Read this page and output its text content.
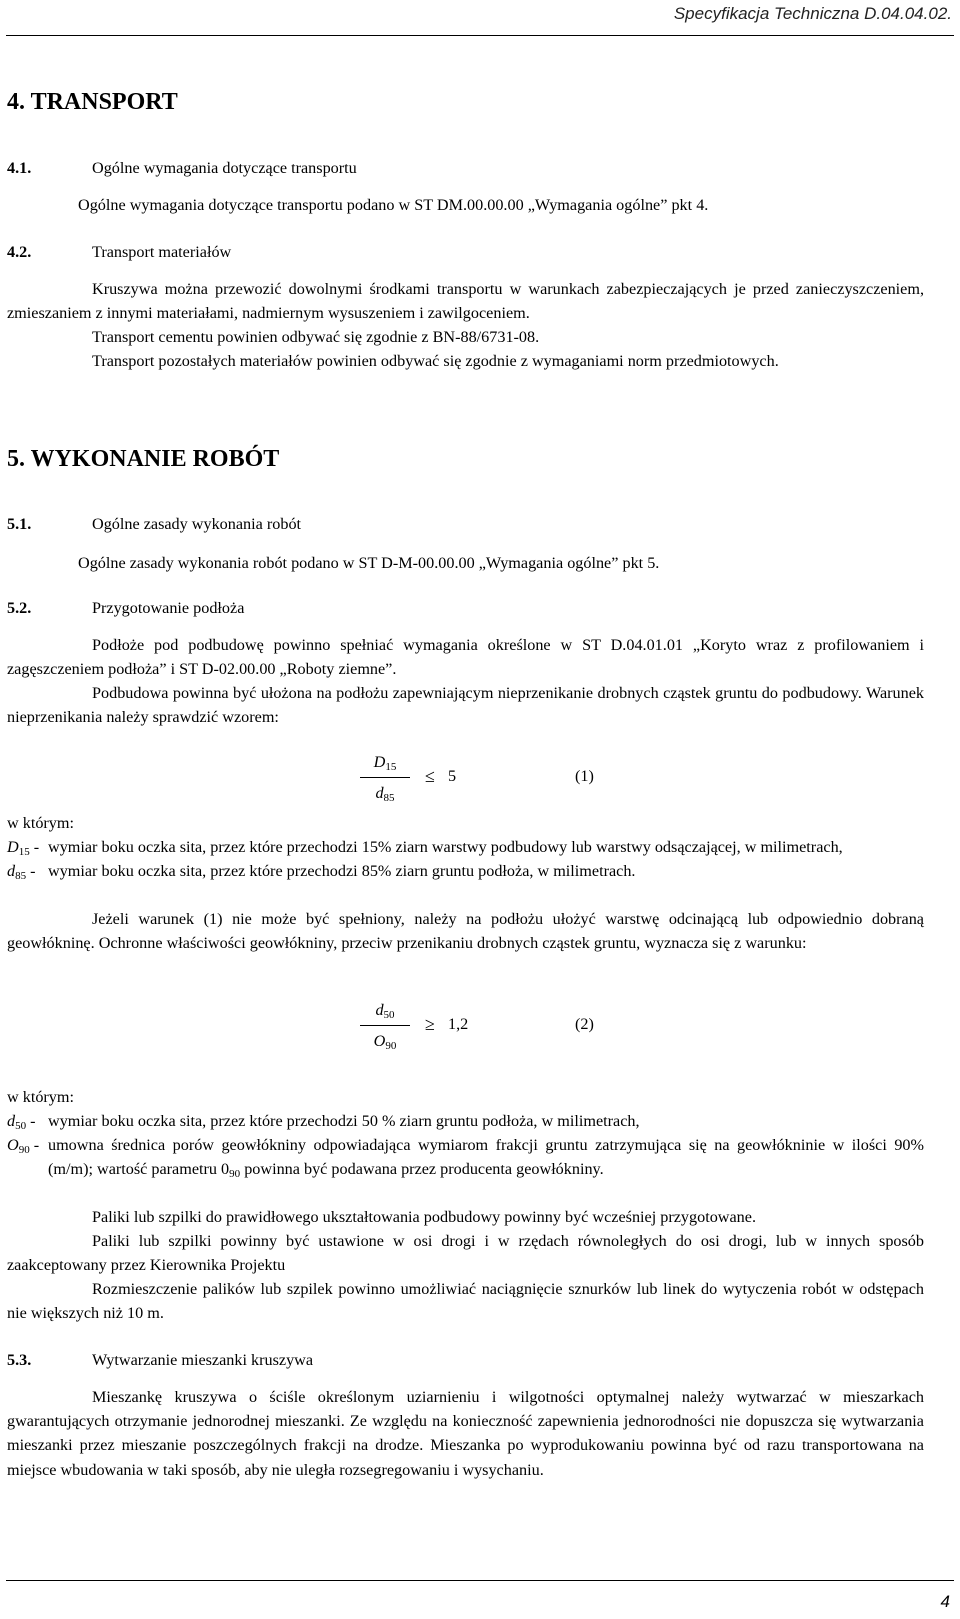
Specyfikacja Techniczna D.04.04.02.
4. TRANSPORT
4.1.	Ogólne wymagania dotyczące transportu
Ogólne wymagania dotyczące transportu podano w ST DM.00.00.00 „Wymagania ogólne” pkt 4.
4.2.	Transport materiałów
Kruszywa można przewozić dowolnymi środkami transportu w warunkach zabezpieczających je przed zanieczyszczeniem, zmieszaniem z innymi materiałami, nadmiernym wysuszeniem i zawilgoceniem.
Transport cementu powinien odbywać się zgodnie z BN-88/6731-08.
Transport pozostałych materiałów powinien odbywać się zgodnie z wymaganiami norm przedmiotowych.
5. WYKONANIE ROBÓT
5.1.	Ogólne zasady wykonania robót
Ogólne zasady wykonania robót podano w ST D-M-00.00.00 „Wymagania ogólne” pkt 5.
5.2.	Przygotowanie podłoża
Podłoże pod podbudowę powinno spełniać wymagania określone w ST D.04.01.01 „Koryto wraz z profilowaniem i zagęszczeniem podłoża” i ST D-02.00.00 „Roboty ziemne”.
Podbudowa powinna być ułożona na podłożu zapewniającym nieprzenikanie drobnych cząstek gruntu do podbudowy. Warunek nieprzenikania należy sprawdzić wzorem:
$D_{15}$
$d_{85}$
≤ 5	(1)
w którym:
$D_{15}$ - wymiar boku oczka sita, przez które przechodzi 15% ziarn warstwy podbudowy lub warstwy odsączającej, w milimetrach,
$d_{85}$ - wymiar boku oczka sita, przez które przechodzi 85% ziarn gruntu podłoża, w milimetrach.
Jeżeli warunek (1) nie może być spełniony, należy na podłożu ułożyć warstwę odcinającą lub odpowiednio dobraną geowłókninę. Ochronne właściwości geowłókniny, przeciw przenikaniu drobnych cząstek gruntu, wyznacza się z warunku:
$d_{50}$
$O_{90}$
≥ 1,2	(2)
w którym:
$d_{50}$ - wymiar boku oczka sita, przez które przechodzi 50 % ziarn gruntu podłoża, w milimetrach,
$O_{90}$ - umowna średnica porów geowłókniny odpowiadająca wymiarom frakcji gruntu zatrzymująca się na geowłókninie w ilości 90% (m/m); wartość parametru $0_{90}$ powinna być podawana przez producenta geowłókniny.
Paliki lub szpilki do prawidłowego ukształtowania podbudowy powinny być wcześniej przygotowane.
Paliki lub szpilki powinny być ustawione w osi drogi i w rzędach równoległych do osi drogi, lub w innych sposób zaakceptowany przez Kierownika Projektu
Rozmieszczenie palików lub szpilek powinno umożliwiać naciągnięcie sznurków lub linek do wytyczenia robót w odstępach nie większych niż 10 m.
5.3.	Wytwarzanie mieszanki kruszywa
Mieszankę kruszywa o ściśle określonym uziarnieniu i wilgotności optymalnej należy wytwarzać w mieszarkach gwarantujących otrzymanie jednorodnej mieszanki. Ze względu na konieczność zapewnienia jednorodności nie dopuszcza się wytwarzania mieszanki przez mieszanie poszczególnych frakcji na drodze. Mieszanka po wyprodukowaniu powinna być od razu transportowana na miejsce wbudowania w taki sposób, aby nie uległa rozsegregowaniu i wysychaniu.
4
